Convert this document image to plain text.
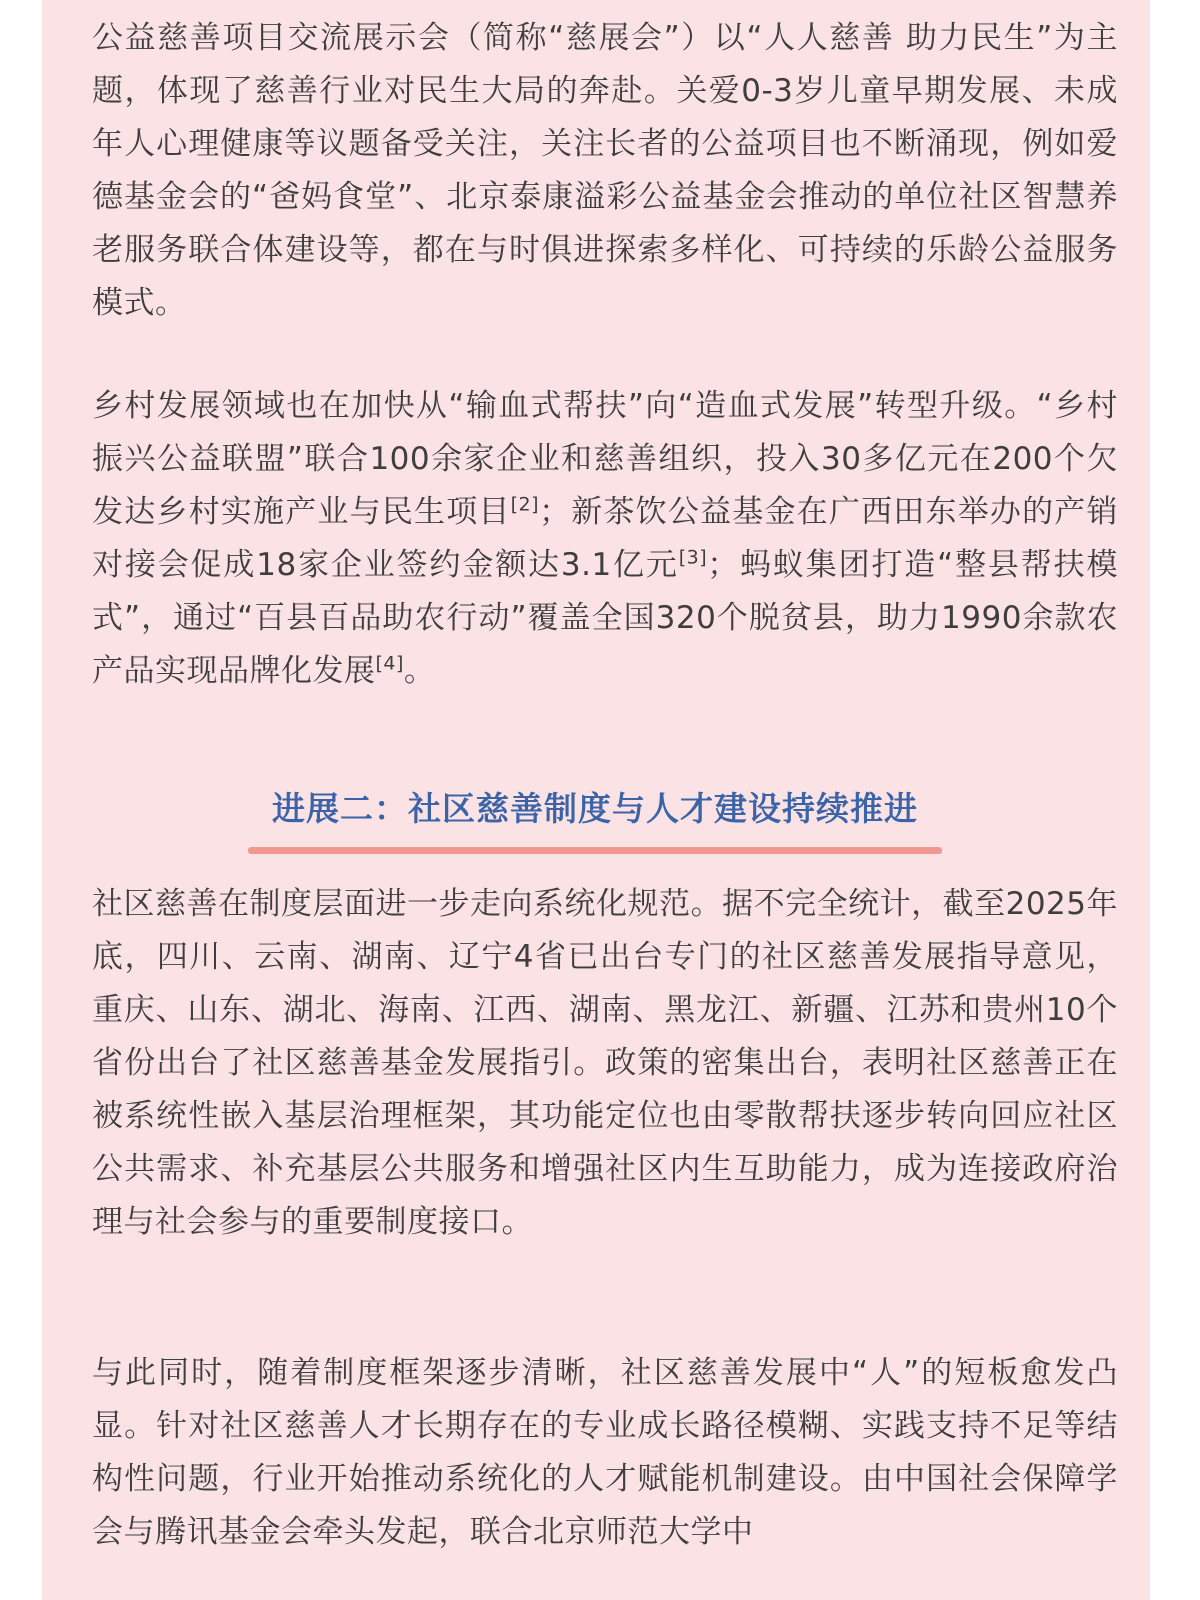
公益慈善项目交流展示会（简称“慈展会”）以“人人慈善 助力民生”为主题，体现了慈善行业对民生大局的奔赴。关爱0-3岁儿童早期发展、未成年人心理健康等议题备受关注，关注长者的公益项目也不断涌现，例如爱德基金会的“爸妈食堂”、北京泰康溢彩公益基金会推动的单位社区智慧养老服务联合体建设等，都在与时俱进探索多样化、可持续的乐龄公益服务模式。

乡村发展领域也在加快从“输血式帮扶”向“造血式发展”转型升级。“乡村振兴公益联盟”联合100余家企业和慈善组织，投入30多亿元在200个欠发达乡村实施产业与民生项目[2]；新茶饮公益基金在广西田东举办的产销对接会促成18家企业签约金额达3.1亿元[3]；蚂蚁集团打造“整县帮扶模式”，通过“百县百品助农行动”覆盖全国320个脱贫县，助力1990余款农产品实现品牌化发展[4]。

进展二：社区慈善制度与人才建设持续推进

社区慈善在制度层面进一步走向系统化规范。据不完全统计，截至2025年底，四川、云南、湖南、辽宁4省已出台专门的社区慈善发展指导意见，重庆、山东、湖北、海南、江西、湖南、黑龙江、新疆、江苏和贵州10个省份出台了社区慈善基金发展指引。政策的密集出台，表明社区慈善正在被系统性嵌入基层治理框架，其功能定位也由零散帮扶逐步转向回应社区公共需求、补充基层公共服务和增强社区内生互助能力，成为连接政府治理与社会参与的重要制度接口。

与此同时，随着制度框架逐步清晰，社区慈善发展中“人”的短板愈发凸显。针对社区慈善人才长期存在的专业成长路径模糊、实践支持不足等结构性问题，行业开始推动系统化的人才赋能机制建设。由中国社会保障学会与腾讯基金会牵头发起，联合北京师范大学中
